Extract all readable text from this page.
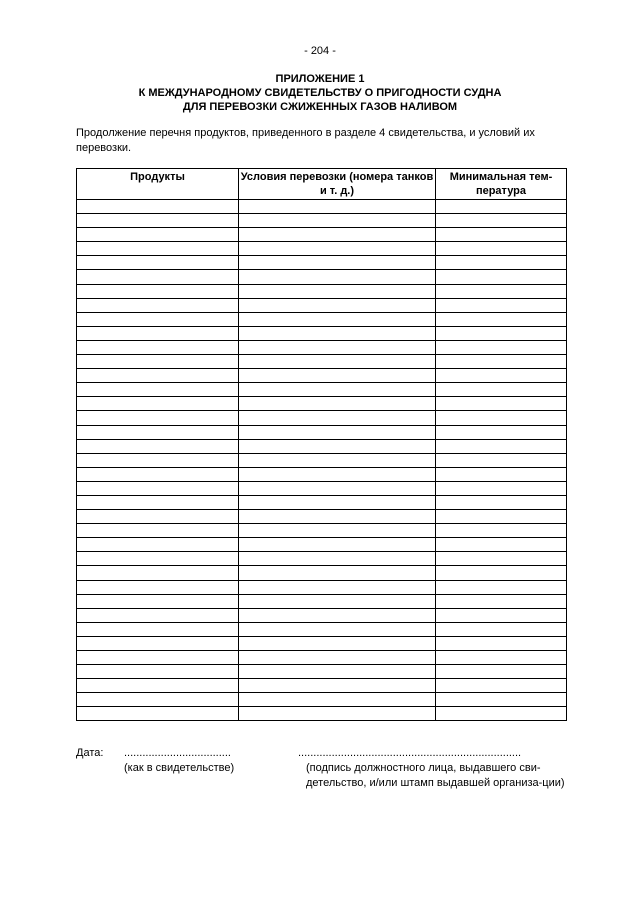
- 204 -
ПРИЛОЖЕНИЕ 1
К МЕЖДУНАРОДНОМУ СВИДЕТЕЛЬСТВУ О ПРИГОДНОСТИ СУДНА
ДЛЯ ПЕРЕВОЗКИ СЖИЖЕННЫХ ГАЗОВ НАЛИВОМ
Продолжение перечня продуктов, приведенного в разделе 4 свидетельства, и условий их перевозки.
Продукты	Условия перевозки (номера танков и т. д.)	Минимальная тем-пература

Дата: ...................................
(как в свидетельстве)
.........................................................................
(подпись должностного лица, выдавшего сви-детельство, и/или штамп выдавшей организа-ции)
